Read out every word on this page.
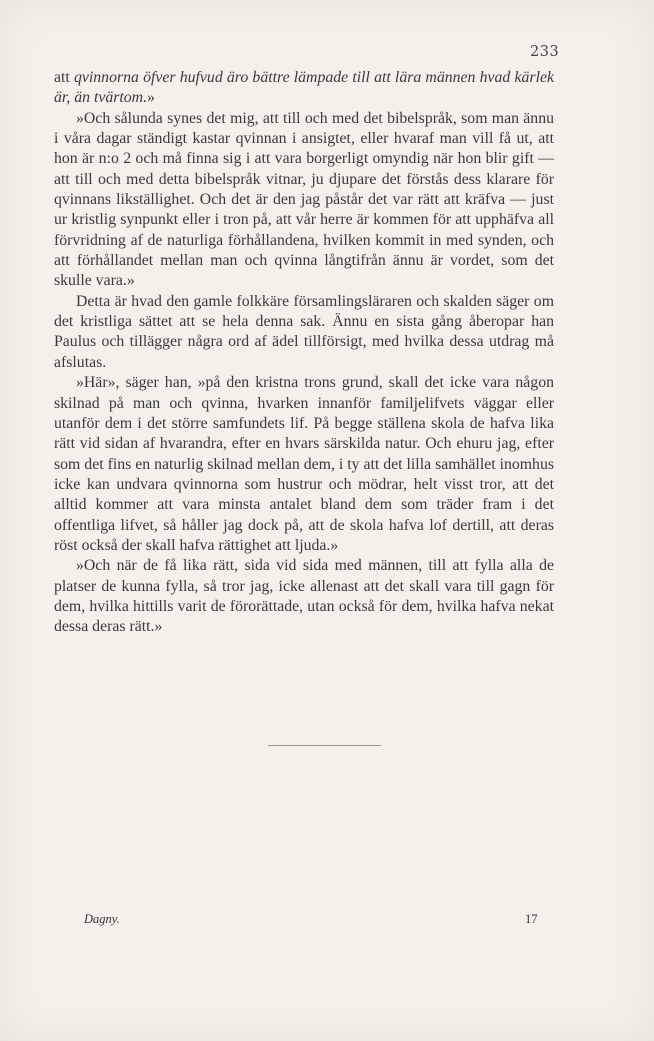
233

att qvinnorna öfver hufvud äro bättre lämpade till att lära männen hvad kärlek är, än tvärtom.»

»Och sålunda synes det mig, att till och med det bibelspråk, som man ännu i våra dagar ständigt kastar qvinnan i ansigtet, eller hvaraf man vill få ut, att hon är n:o 2 och må finna sig i att vara borgerligt omyndig när hon blir gift — att till och med detta bibelspråk vitnar, ju djupare det förstås dess klarare för qvinnans likställighet. Och det är den jag påstår det var rätt att kräfva — just ur kristlig synpunkt eller i tron på, att vår herre är kommen för att upphäfva all förvridning af de naturliga förhållandena, hvilken kommit in med synden, och att förhållandet mellan man och qvinna långtifrån ännu är vordet, som det skulle vara.»

Detta är hvad den gamle folkkäre församlingsläraren och skalden säger om det kristliga sättet att se hela denna sak. Ännu en sista gång åberopar han Paulus och tillägger några ord af ädel tillförsigt, med hvilka dessa utdrag må afslutas.

»Här», säger han, »på den kristna trons grund, skall det icke vara någon skilnad på man och qvinna, hvarken innanför familjelifvets väggar eller utanför dem i det större samfundets lif. På begge ställena skola de hafva lika rätt vid sidan af hvarandra, efter en hvars särskilda natur. Och ehuru jag, efter som det fins en naturlig skilnad mellan dem, i ty att det lilla samhället inomhus icke kan undvara qvinnorna som hustrur och mödrar, helt visst tror, att det alltid kommer att vara minsta antalet bland dem som träder fram i det offentliga lifvet, så håller jag dock på, att de skola hafva lof dertill, att deras röst också der skall hafva rättighet att ljuda.»

»Och när de få lika rätt, sida vid sida med männen, till att fylla alla de platser de kunna fylla, så tror jag, icke allenast att det skall vara till gagn för dem, hvilka hittills varit de förorättade, utan också för dem, hvilka hafva nekat dessa deras rätt.»

Dagny.	17
